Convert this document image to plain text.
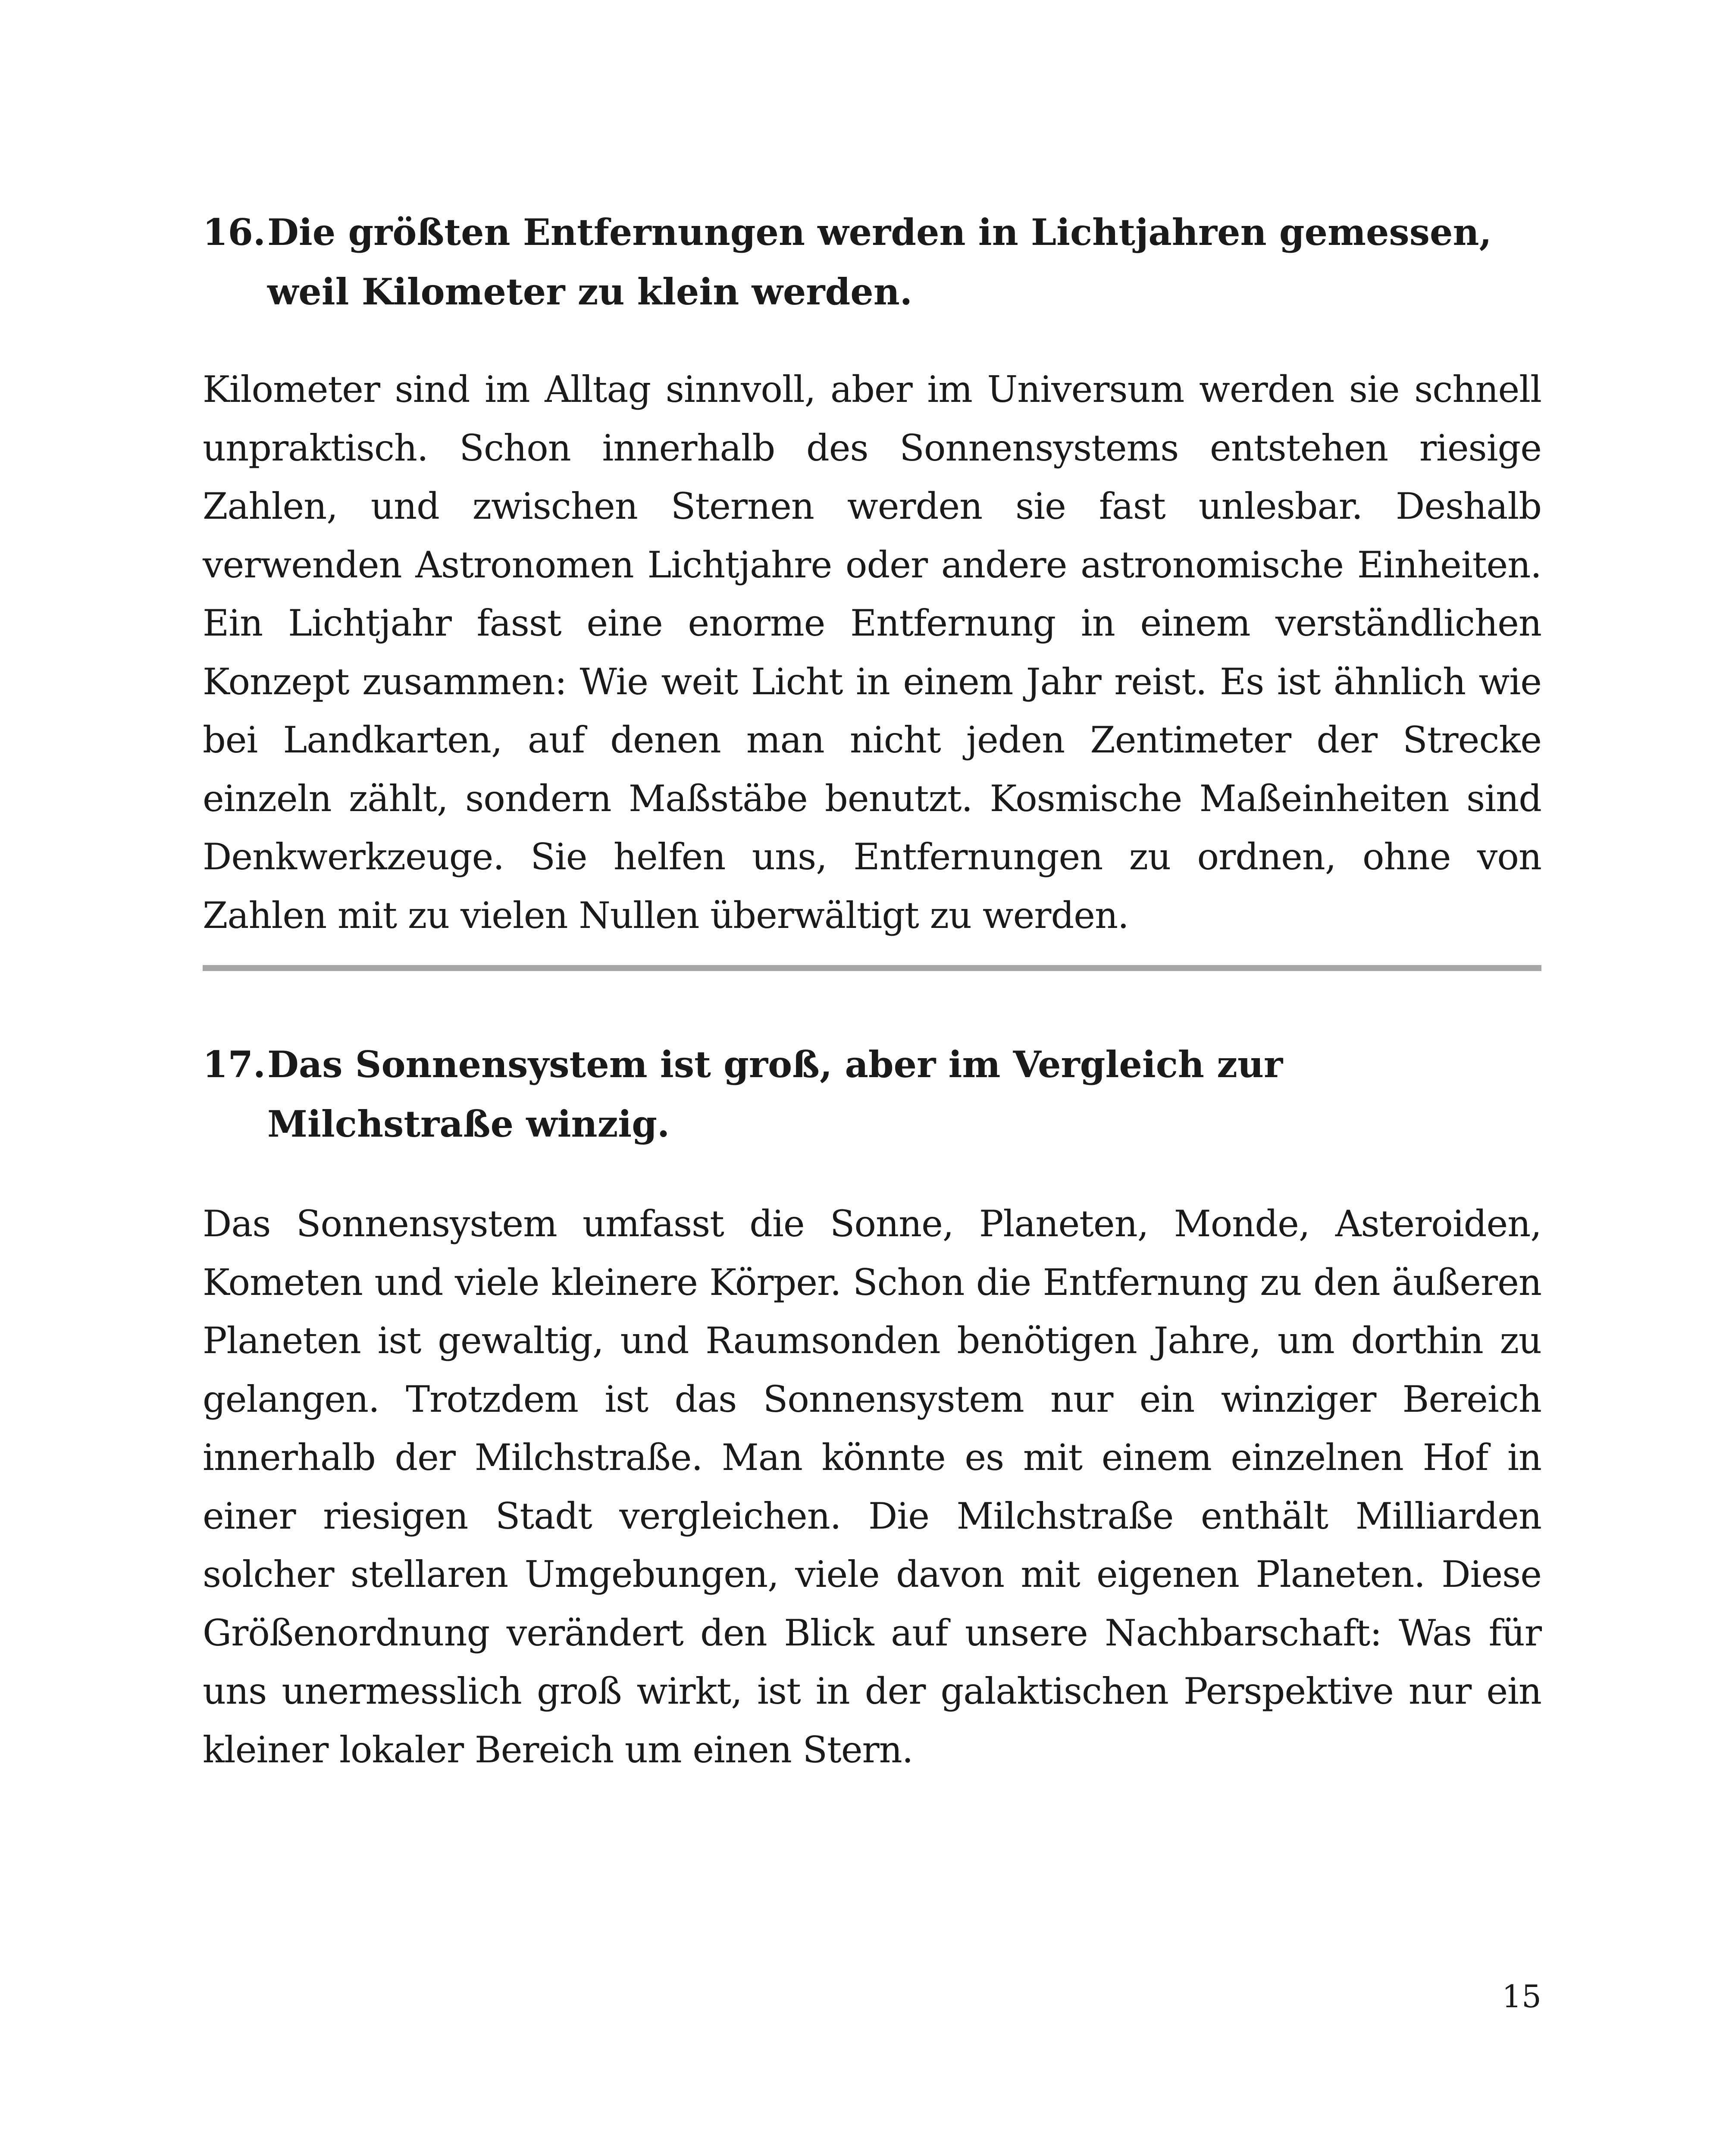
16. Die größten Entfernungen werden in Lichtjahren gemessen, weil Kilometer zu klein werden.

Kilometer sind im Alltag sinnvoll, aber im Universum werden sie schnell unpraktisch. Schon innerhalb des Sonnensystems entstehen riesige Zahlen, und zwischen Sternen werden sie fast unlesbar. Deshalb verwenden Astronomen Lichtjahre oder andere astronomische Einheiten. Ein Lichtjahr fasst eine enorme Entfernung in einem verständlichen Konzept zusammen: Wie weit Licht in einem Jahr reist. Es ist ähnlich wie bei Landkarten, auf denen man nicht jeden Zentimeter der Strecke einzeln zählt, sondern Maßstäbe benutzt. Kosmische Maßeinheiten sind Denkwerkzeuge. Sie helfen uns, Entfernungen zu ordnen, ohne von Zahlen mit zu vielen Nullen überwältigt zu werden.

17. Das Sonnensystem ist groß, aber im Vergleich zur Milchstraße winzig.

Das Sonnensystem umfasst die Sonne, Planeten, Monde, Asteroiden, Kometen und viele kleinere Körper. Schon die Entfernung zu den äußeren Planeten ist gewaltig, und Raumsonden benötigen Jahre, um dorthin zu gelangen. Trotzdem ist das Sonnensystem nur ein winziger Bereich innerhalb der Milchstraße. Man könnte es mit einem einzelnen Hof in einer riesigen Stadt vergleichen. Die Milchstraße enthält Milliarden solcher stellaren Umgebungen, viele davon mit eigenen Planeten. Diese Größenordnung verändert den Blick auf unsere Nachbarschaft: Was für uns unermesslich groß wirkt, ist in der galaktischen Perspektive nur ein kleiner lokaler Bereich um einen Stern.

15
